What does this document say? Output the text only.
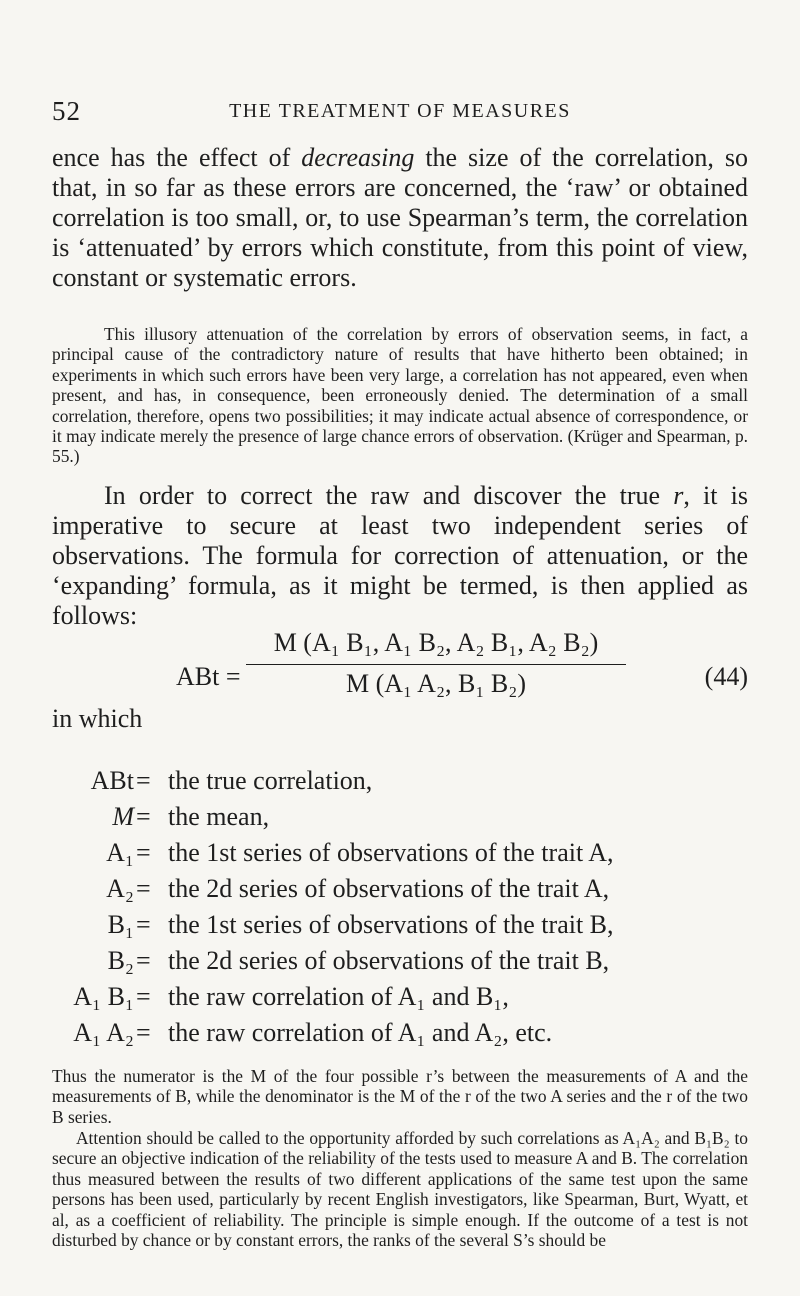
52	THE TREATMENT OF MEASURES

ence has the effect of decreasing the size of the correlation, so that, in so far as these errors are concerned, the ‘raw’ or obtained correlation is too small, or, to use Spearman’s term, the correlation is ‘attenuated’ by errors which constitute, from this point of view, constant or systematic errors.

This illusory attenuation of the correlation by errors of observation seems, in fact, a principal cause of the contradictory nature of results that have hitherto been obtained; in experiments in which such errors have been very large, a correlation has not appeared, even when present, and has, in consequence, been erroneously denied. The determination of a small correlation, therefore, opens two possibilities; it may indicate actual absence of correspondence, or it may indicate merely the presence of large chance errors of observation. (Krüger and Spearman, p. 55.)

In order to correct the raw and discover the true r, it is imperative to secure at least two independent series of observations. The formula for correction of attenuation, or the ‘expanding’ formula, as it might be termed, is then applied as follows:

ABt =
M (A₁ B₁, A₁ B₂, A₂ B₁, A₂ B₂)
M (A₁ A₂, B₁ B₂)	(44)
in which
ABt = the true correlation,
M = the mean,
A₁ = the 1st series of observations of the trait A,
A₂ = the 2d series of observations of the trait A,
B₁ = the 1st series of observations of the trait B,
B₂ = the 2d series of observations of the trait B,
A₁ B₁ = the raw correlation of A₁ and B₁,
A₁ A₂ = the raw correlation of A₁ and A₂, etc.

Thus the numerator is the M of the four possible r’s between the measurements of A and the measurements of B, while the denominator is the M of the r of the two A series and the r of the two B series.

Attention should be called to the opportunity afforded by such correlations as A₁A₂ and B₁B₂ to secure an objective indication of the reliability of the tests used to measure A and B. The correlation thus measured between the results of two different applications of the same test upon the same persons has been used, particularly by recent English investigators, like Spearman, Burt, Wyatt, et al, as a coefficient of reliability. The principle is simple enough. If the outcome of a test is not disturbed by chance or by constant errors, the ranks of the several S’s should be
